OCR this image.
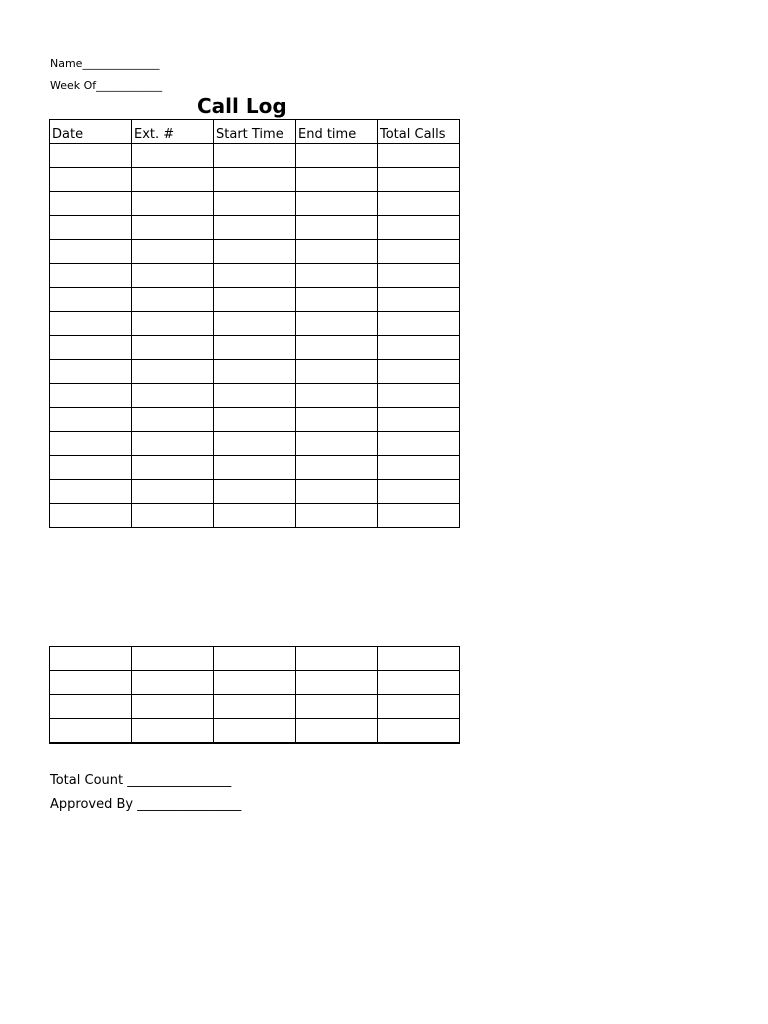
Name______________
Week Of____________
Call Log
Date	Ext. #	Start Time	End time	Total Calls

Total Count ________________
Approved By ________________
